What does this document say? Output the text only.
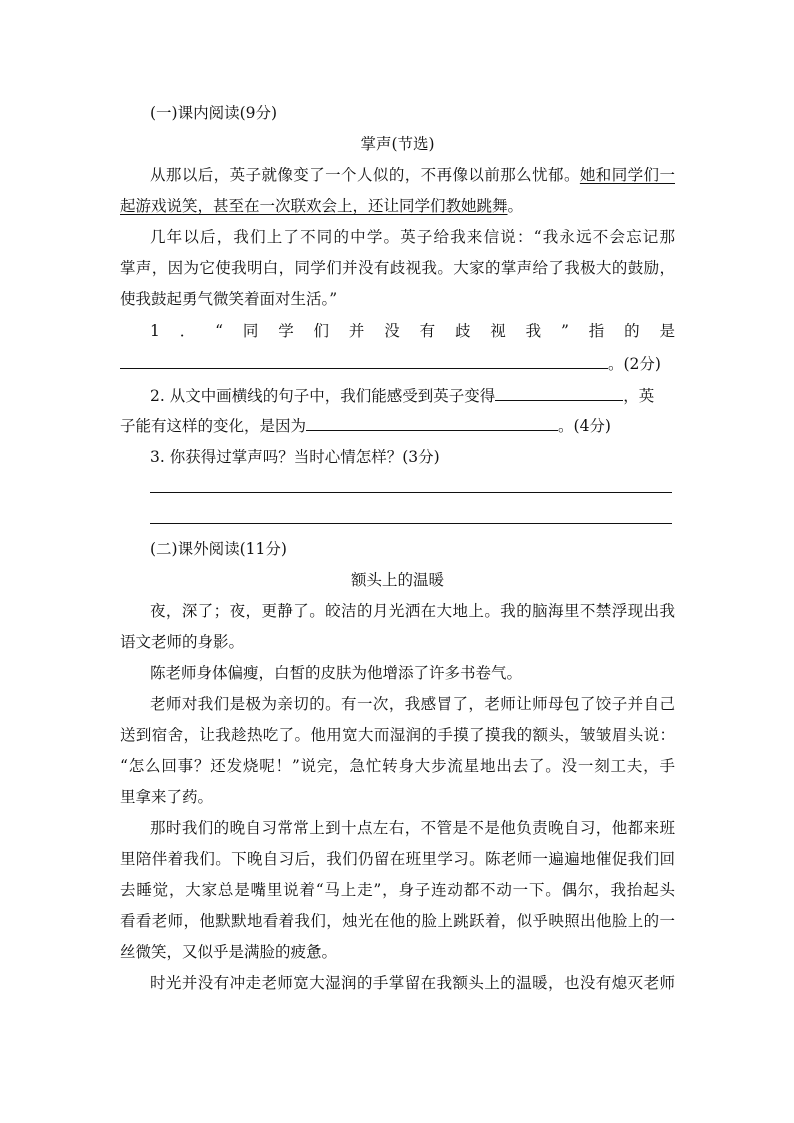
(一)课内阅读(9分)
掌声(节选)
从那以后，英子就像变了一个人似的，不再像以前那么忧郁。她和同学们一
起游戏说笑，甚至在一次联欢会上，还让同学们教她跳舞。
几年以后，我们上了不同的中学。英子给我来信说：“我永远不会忘记那
掌声，因为它使我明白，同学们并没有歧视我。大家的掌声给了我极大的鼓励，
使我鼓起勇气微笑着面对生活。”
1．“同学们并没有歧视我”指的是
。(2分)
2. 从文中画横线的句子中，我们能感受到英子变得	，英
子能有这样的变化，是因为	。(4分)
3. 你获得过掌声吗？当时心情怎样？(3分)
(二)课外阅读(11分)
额头上的温暖
夜，深了；夜，更静了。皎洁的月光洒在大地上。我的脑海里不禁浮现出我
语文老师的身影。
陈老师身体偏瘦，白皙的皮肤为他增添了许多书卷气。
老师对我们是极为亲切的。有一次，我感冒了，老师让师母包了饺子并自己
送到宿舍，让我趁热吃了。他用宽大而湿润的手摸了摸我的额头，皱皱眉头说：
“怎么回事？还发烧呢！”说完，急忙转身大步流星地出去了。没一刻工夫，手
里拿来了药。
那时我们的晚自习常常上到十点左右，不管是不是他负责晚自习，他都来班
里陪伴着我们。下晚自习后，我们仍留在班里学习。陈老师一遍遍地催促我们回
去睡觉，大家总是嘴里说着“马上走”，身子连动都不动一下。偶尔，我抬起头
看看老师，他默默地看着我们，烛光在他的脸上跳跃着，似乎映照出他脸上的一
丝微笑，又似乎是满脸的疲惫。
时光并没有冲走老师宽大湿润的手掌留在我额头上的温暖，也没有熄灭老师
